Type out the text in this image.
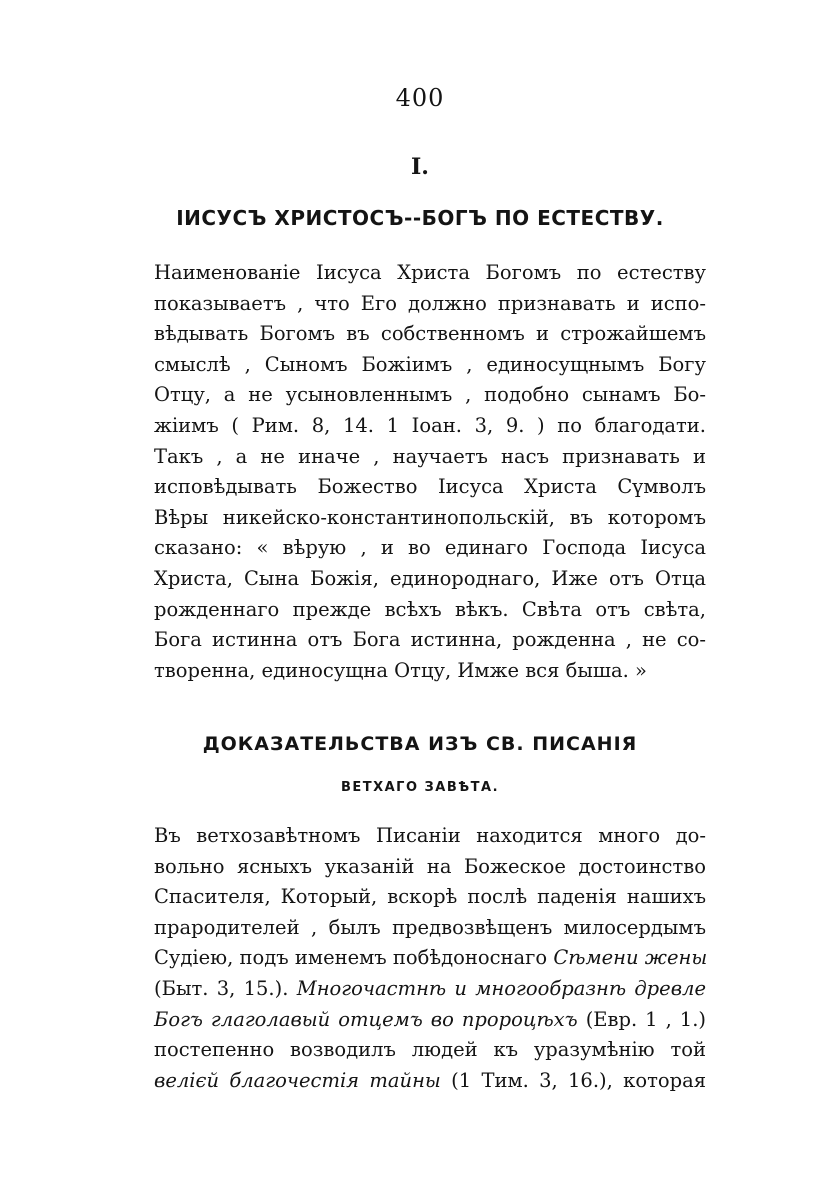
400
I.
ІИСУСЪ ХРИСТОСЪ--БОГЪ ПО ЕСТЕСТВУ.
Наименованіе Іисуса Христа Богомъ по естеству
показываетъ , что Его должно признавать и испо-
вѣдывать Богомъ въ собственномъ и строжайшемъ
смыслѣ , Сыномъ Божіимъ , единосущнымъ Богу
Отцу, а не усыновленнымъ , подобно сынамъ Бо-
жіимъ ( Рим. 8, 14. 1 Іоан. 3, 9. ) по благодати.
Такъ , а не иначе , научаетъ насъ признавать и
исповѣдывать Божество Іисуса Христа Сүмволъ
Вѣры никейско-константинопольскій, въ которомъ
сказано: « вѣрую , и во единаго Господа Іисуса
Христа, Сына Божія, единороднаго, Иже отъ Отца
рожденнаго прежде всѣхъ вѣкъ. Свѣта отъ свѣта,
Бога истинна отъ Бога истинна, рожденна , не со-
творенна, единосущна Отцу, Имже вся быша. »
ДОКАЗАТЕЛЬСТВА ИЗЪ СВ. ПИСАНІЯ
ВЕТХАГО ЗАВѢТА.
Въ ветхозавѣтномъ Писаніи находится много до-
вольно ясныхъ указаній на Божеское достоинство
Спасителя, Который, вскорѣ послѣ паденія нашихъ
прародителей , былъ предвозвѣщенъ милосердымъ
Судіею, подъ именемъ побѣдоноснаго Сѣмени жены
(Быт. 3, 15.). Многочастнѣ и многообразнѣ древле
Богъ глаголавый отцемъ во пророцѣхъ (Евр. 1 , 1.)
постепенно возводилъ людей къ уразумѣнію той
велієй благочестія тайны (1 Тим. 3, 16.), которая
